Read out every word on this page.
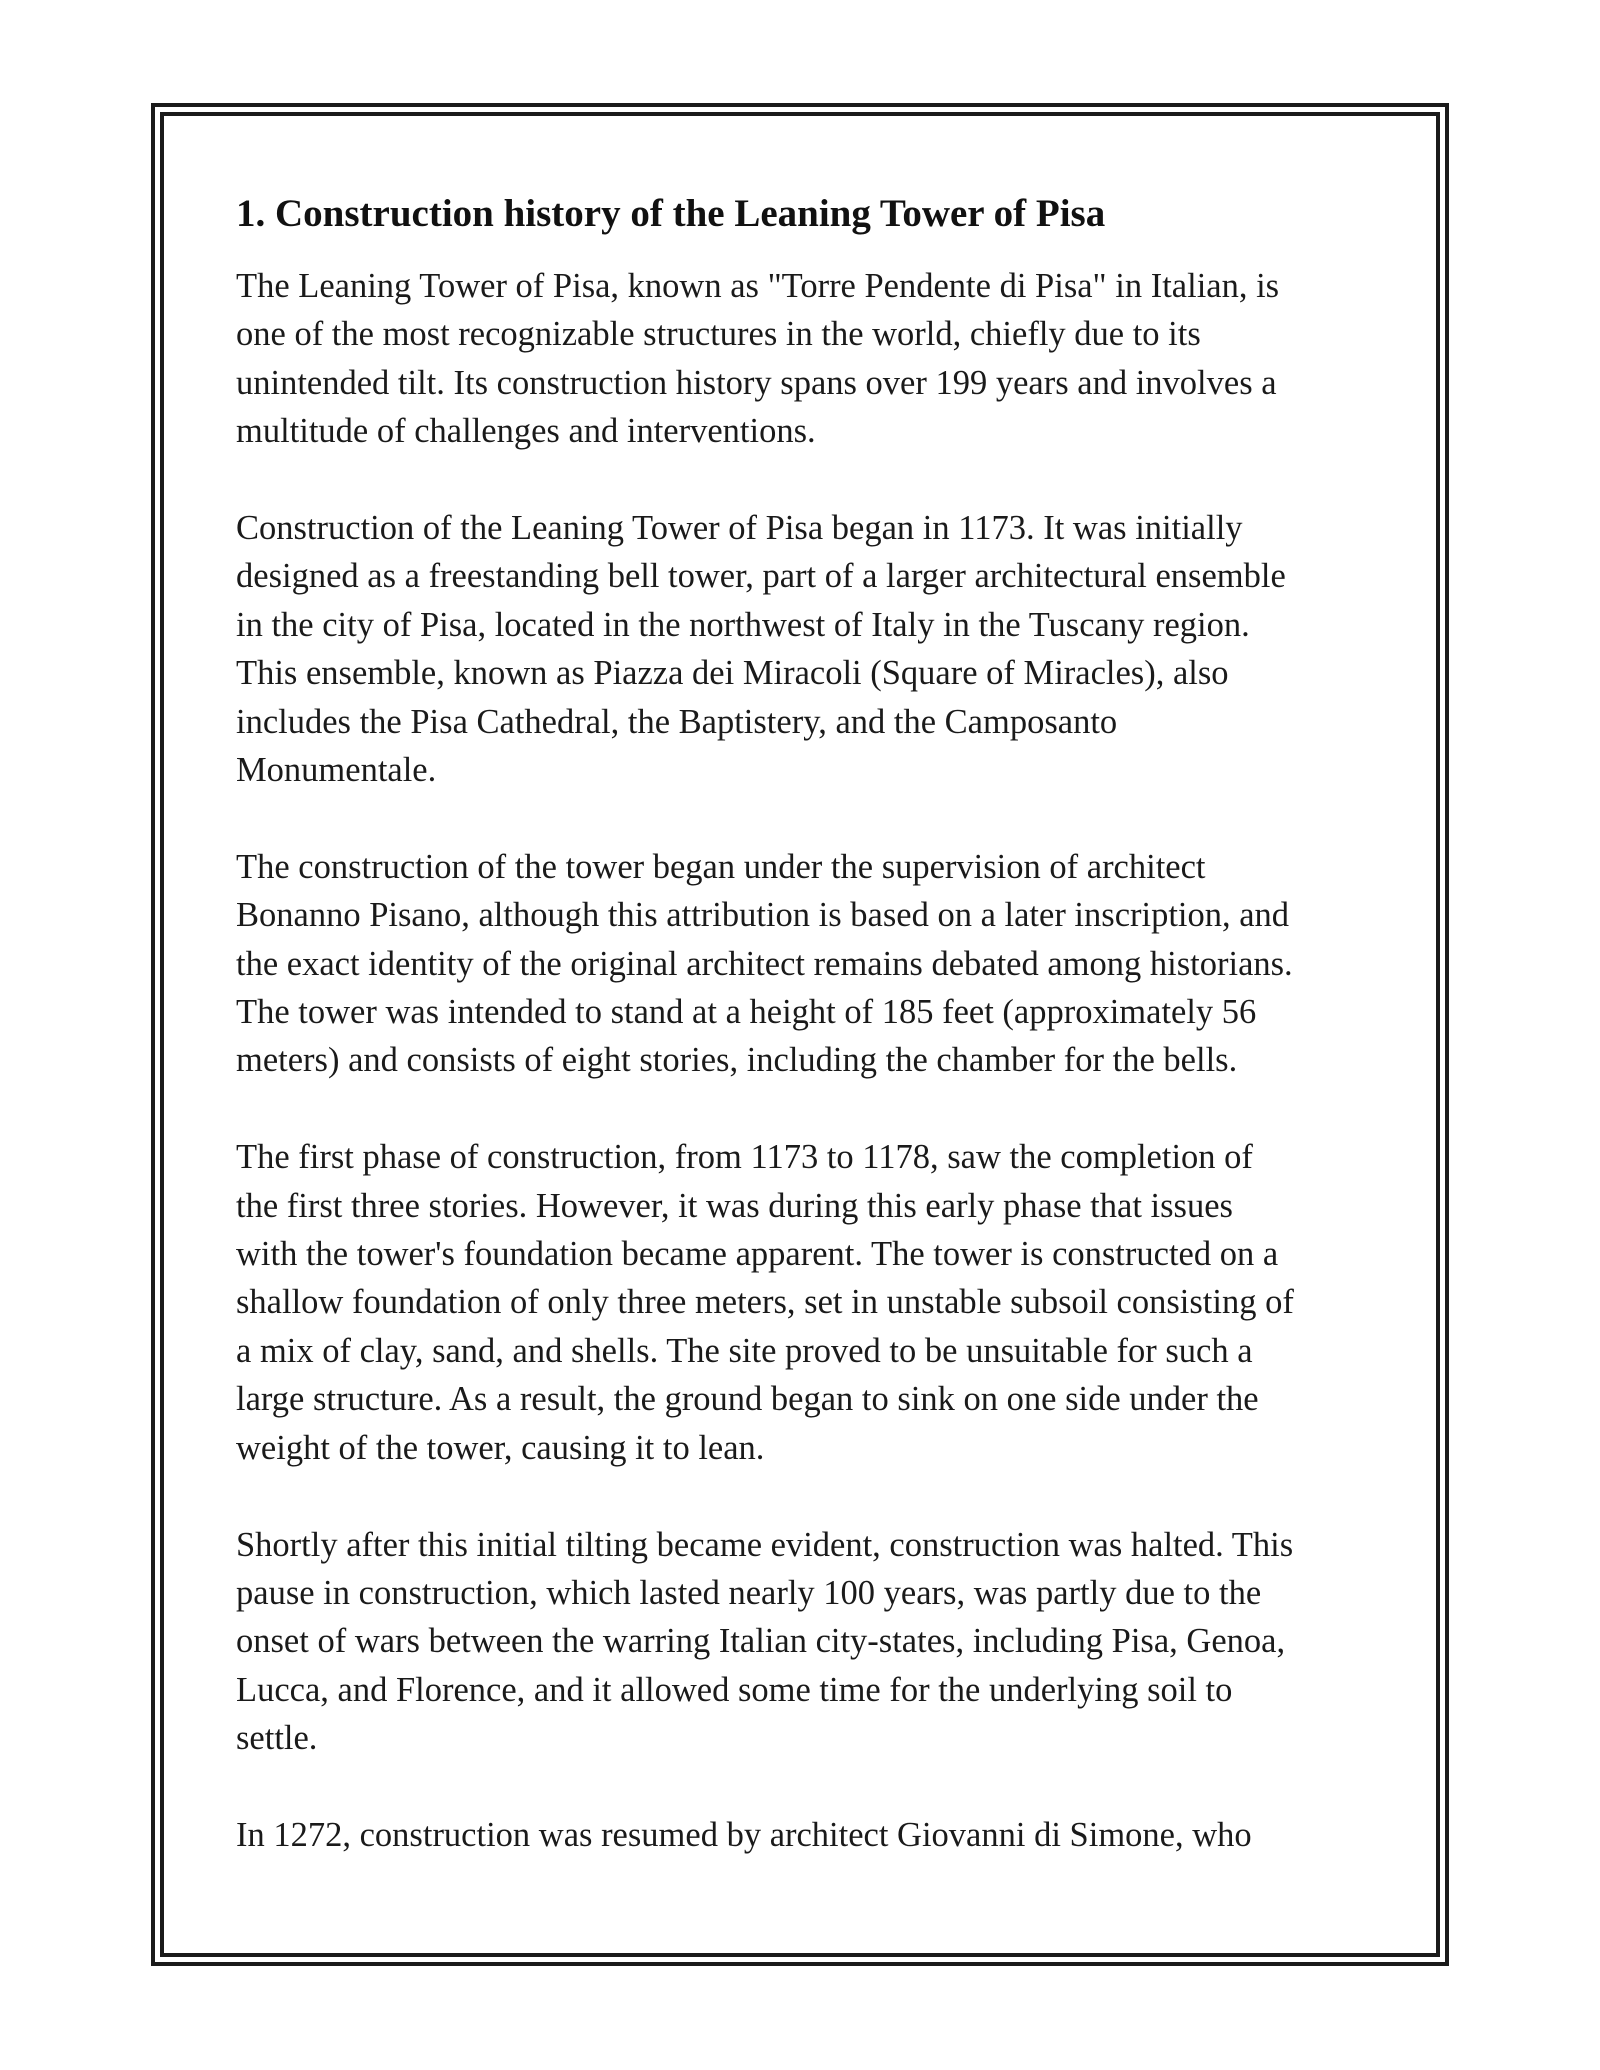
1. Construction history of the Leaning Tower of Pisa

The Leaning Tower of Pisa, known as "Torre Pendente di Pisa" in Italian, is
one of the most recognizable structures in the world, chiefly due to its
unintended tilt. Its construction history spans over 199 years and involves a
multitude of challenges and interventions.

Construction of the Leaning Tower of Pisa began in 1173. It was initially
designed as a freestanding bell tower, part of a larger architectural ensemble
in the city of Pisa, located in the northwest of Italy in the Tuscany region.
This ensemble, known as Piazza dei Miracoli (Square of Miracles), also
includes the Pisa Cathedral, the Baptistery, and the Camposanto
Monumentale.

The construction of the tower began under the supervision of architect
Bonanno Pisano, although this attribution is based on a later inscription, and
the exact identity of the original architect remains debated among historians.
The tower was intended to stand at a height of 185 feet (approximately 56
meters) and consists of eight stories, including the chamber for the bells.

The first phase of construction, from 1173 to 1178, saw the completion of
the first three stories. However, it was during this early phase that issues
with the tower's foundation became apparent. The tower is constructed on a
shallow foundation of only three meters, set in unstable subsoil consisting of
a mix of clay, sand, and shells. The site proved to be unsuitable for such a
large structure. As a result, the ground began to sink on one side under the
weight of the tower, causing it to lean.

Shortly after this initial tilting became evident, construction was halted. This
pause in construction, which lasted nearly 100 years, was partly due to the
onset of wars between the warring Italian city-states, including Pisa, Genoa,
Lucca, and Florence, and it allowed some time for the underlying soil to
settle.

In 1272, construction was resumed by architect Giovanni di Simone, who
